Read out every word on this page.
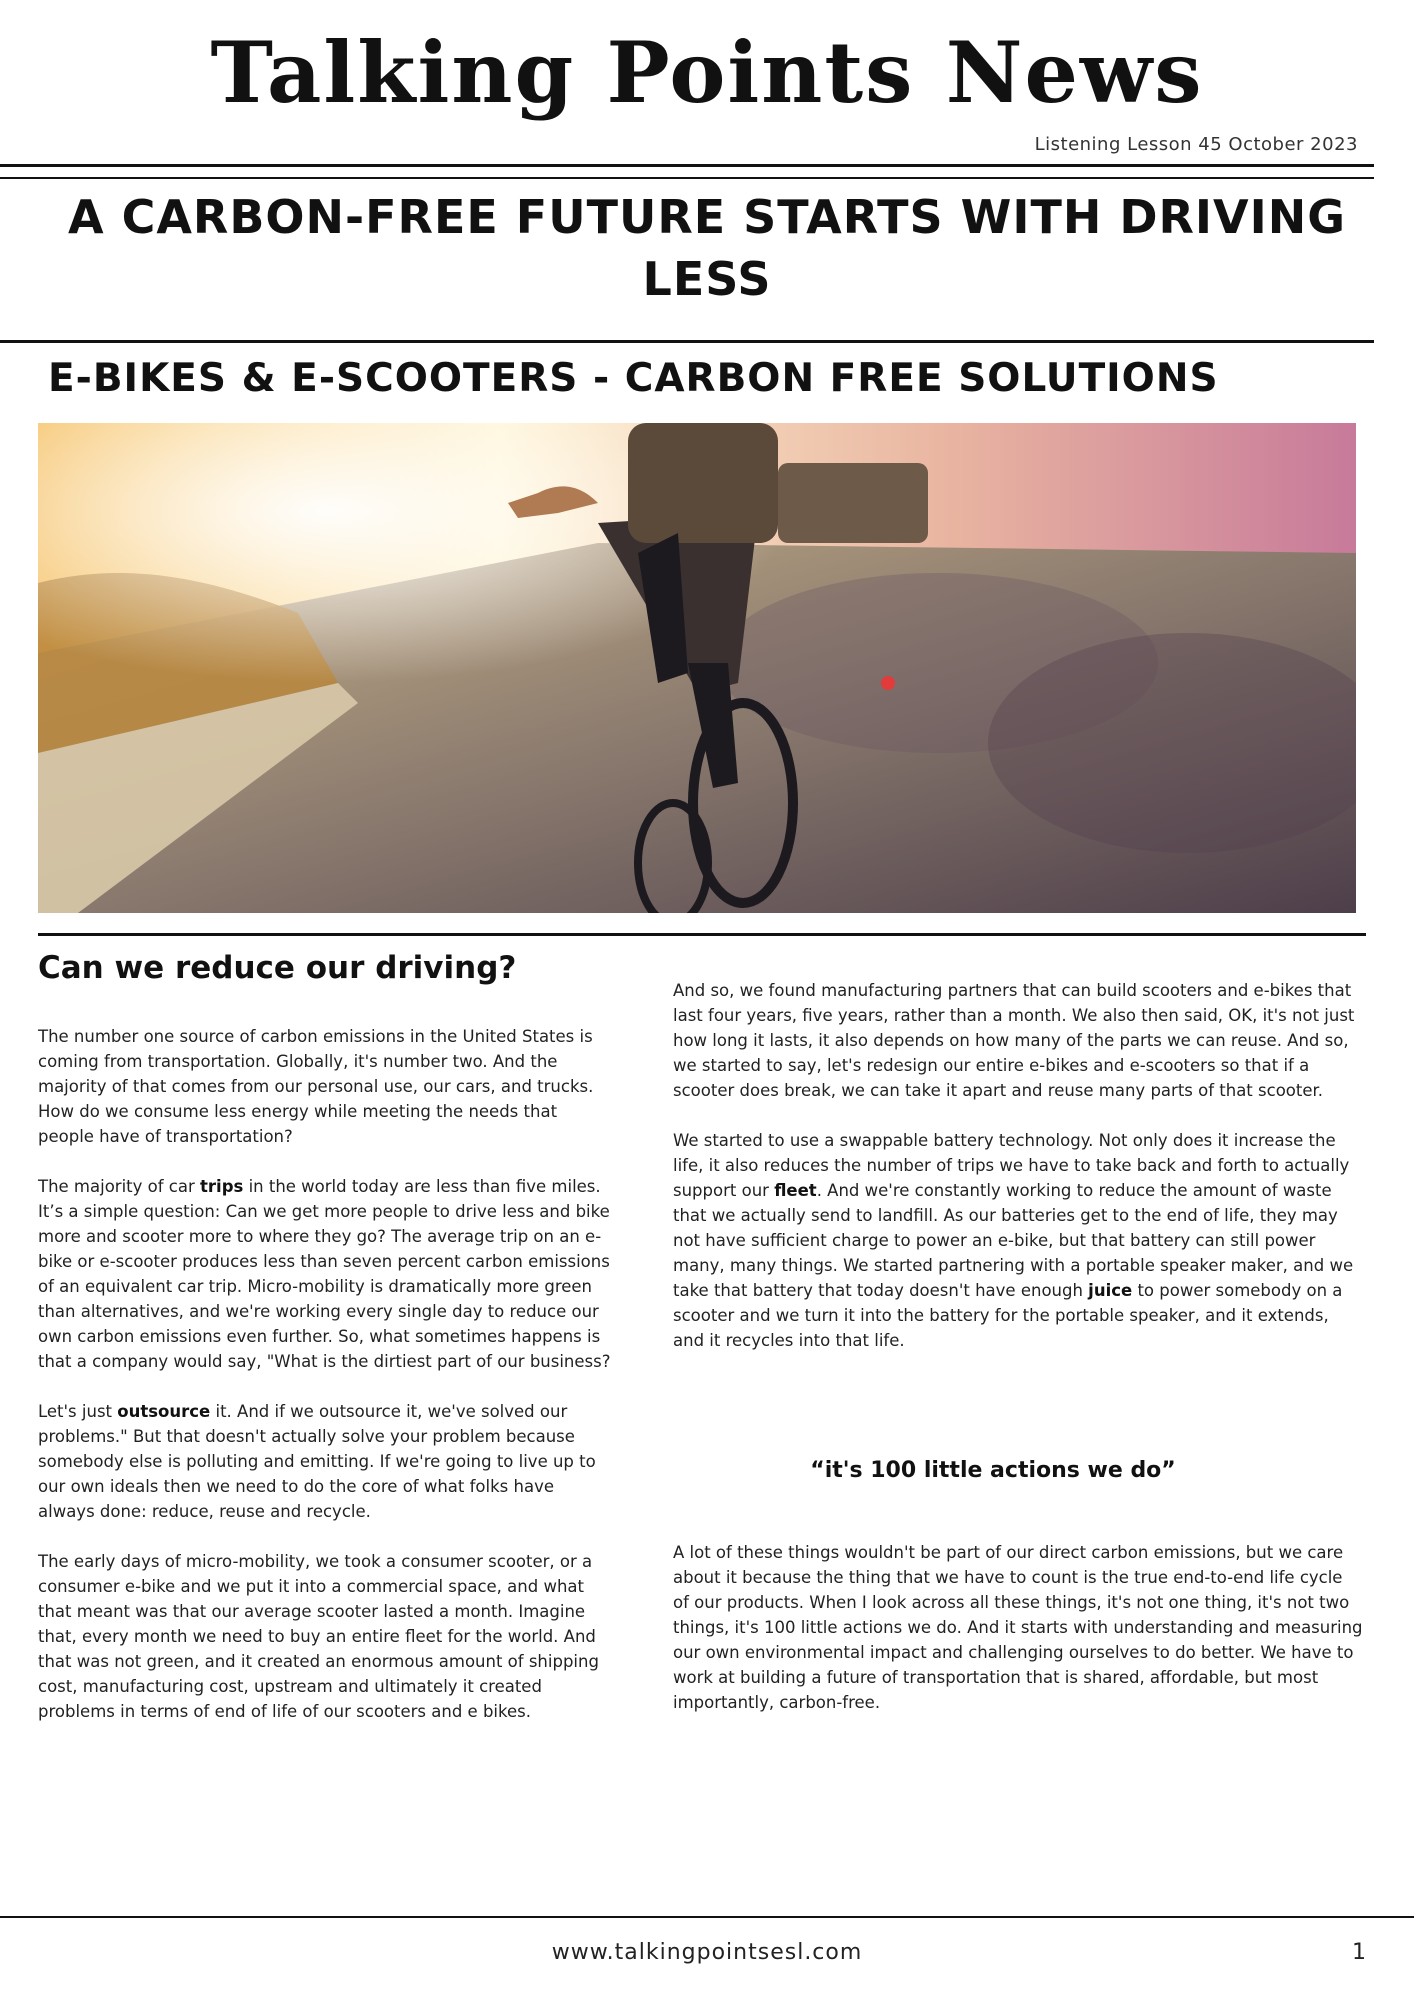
Talking Points News
Listening Lesson 45 October 2023
A CARBON-FREE FUTURE STARTS WITH DRIVING LESS
E-BIKES & E-SCOOTERS - CARBON FREE SOLUTIONS
Can we reduce our driving?

The number one source of carbon emissions in the United States is coming from transportation. Globally, it's number two. And the majority of that comes from our personal use, our cars, and trucks. How do we consume less energy while meeting the needs that people have of transportation?

The majority of car trips in the world today are less than five miles. It’s a simple question: Can we get more people to drive less and bike more and scooter more to where they go? The average trip on an e-bike or e-scooter produces less than seven percent carbon emissions of an equivalent car trip. Micro-mobility is dramatically more green than alternatives, and we're working every single day to reduce our own carbon emissions even further. So, what sometimes happens is that a company would say, "What is the dirtiest part of our business?

Let's just outsource it. And if we outsource it, we've solved our problems." But that doesn't actually solve your problem because somebody else is polluting and emitting. If we're going to live up to our own ideals then we need to do the core of what folks have always done: reduce, reuse and recycle.

The early days of micro-mobility, we took a consumer scooter, or a consumer e-bike and we put it into a commercial space, and what that meant was that our average scooter lasted a month. Imagine that, every month we need to buy an entire fleet for the world. And that was not green, and it created an enormous amount of shipping cost, manufacturing cost, upstream and ultimately it created problems in terms of end of life of our scooters and e bikes.

And so, we found manufacturing partners that can build scooters and e-bikes that last four years, five years, rather than a month. We also then said, OK, it's not just how long it lasts, it also depends on how many of the parts we can reuse. And so, we started to say, let's redesign our entire e-bikes and e-scooters so that if a scooter does break, we can take it apart and reuse many parts of that scooter.

We started to use a swappable battery technology. Not only does it increase the life, it also reduces the number of trips we have to take back and forth to actually support our fleet. And we're constantly working to reduce the amount of waste that we actually send to landfill. As our batteries get to the end of life, they may not have sufficient charge to power an e-bike, but that battery can still power many, many things. We started partnering with a portable speaker maker, and we take that battery that today doesn't have enough juice to power somebody on a scooter and we turn it into the battery for the portable speaker, and it extends, and it recycles into that life.

“it's 100 little actions we do”

A lot of these things wouldn't be part of our direct carbon emissions, but we care about it because the thing that we have to count is the true end-to-end life cycle of our products. When I look across all these things, it's not one thing, it's not two things, it's 100 little actions we do. And it starts with understanding and measuring our own environmental impact and challenging ourselves to do better. We have to work at building a future of transportation that is shared, affordable, but most importantly, carbon-free.

www.talkingpointsesl.com	1
